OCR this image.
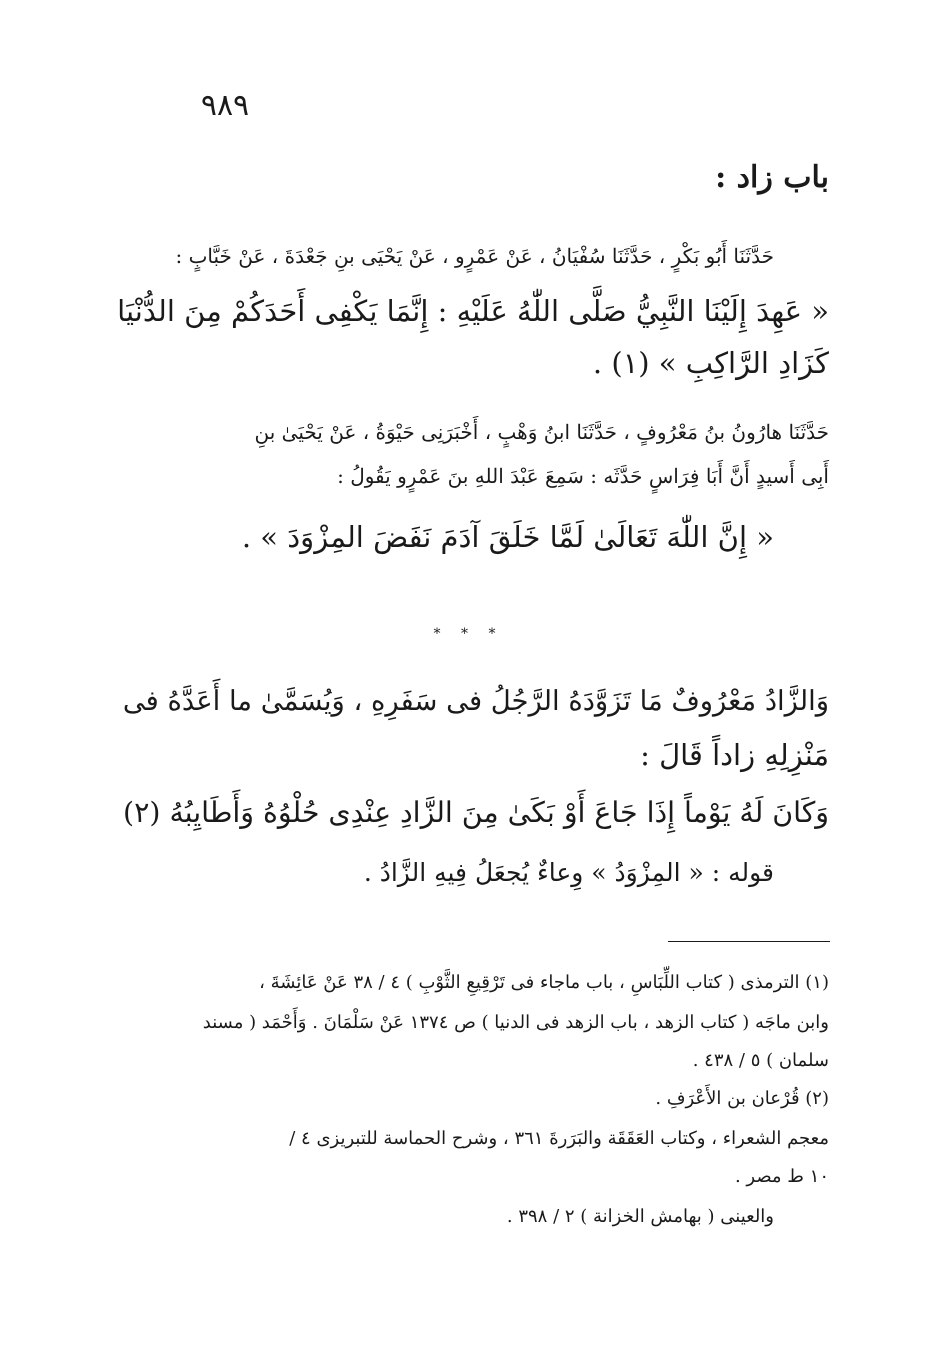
٩٨٩
باب زاد :
حَدَّثَنَا أَبُو بَكْرٍ ، حَدَّثَنَا سُفْيَانُ ، عَنْ عَمْرٍو ، عَنْ يَحْيَى بنِ جَعْدَةَ ، عَنْ خَبَّابٍ :
« عَهِدَ إِلَيْنَا النَّبِيُّ صَلَّى اللّٰهُ عَلَيْهِ : إِنَّمَا يَكْفِى أَحَدَكُمْ مِنَ الدُّنْيَا
كَزَادِ الرَّاكِبِ » (١) .
حَدَّثَنَا هارُونُ بنُ مَعْرُوفٍ ، حَدَّثَنَا ابنُ وَهْبٍ ، أَخْبَرَنِى حَيْوَةُ ، عَنْ يَحْيَىٰ بنِ
أَبِى أَسيدٍ أَنَّ أَبَا فِرَاسٍ حَدَّثَه : سَمِعَ عَبْدَ اللهِ بنَ عَمْرٍو يَقُولُ :
« إِنَّ اللّٰهَ تَعَالَىٰ لَمَّا خَلَقَ آدَمَ نَفَضَ المِزْوَدَ » .
* * *
وَالزَّادُ مَعْرُوفٌ مَا تَزَوَّدَهُ الرَّجُلُ فى سَفَرِهِ ، وَيُسَمَّىٰ ما أَعَدَّهُ فى
مَنْزِلِهِ زاداً قَالَ :
وَكَانَ لَهُ يَوْماً إِذَا جَاعَ أَوْ بَكَىٰ مِنَ الزَّادِ عِنْدِى حُلْوُهُ وَأَطَايِبُهُ (٢)
قوله : « المِزْوَدُ » وِعاءٌ يُجعَلُ فِيهِ الزَّادُ .
(١) الترمذى ( كتاب اللِّبَاسِ ، باب ماجاء فى تَرْقِيعِ الثَّوْبِ ) ٤ / ٣٨ عَنْ عَائِشَةَ ،
وابن ماجَه ( كتاب الزهد ، باب الزهد فى الدنيا ) ص ١٣٧٤ عَنْ سَلْمَانَ . وَأَحْمَد ( مسند
سلمان ) ٥ / ٤٣٨ .
(٢) قُرْعان بن الأَعْرَفِ .
معجم الشعراء ، وكتاب العَقَقَة والبَرَرةَ ٣٦١ ، وشرح الحماسة للتبريزى ٤ /
١٠ ط مصر .
والعينى ( بهامش الخزانة ) ٢ / ٣٩٨ .
